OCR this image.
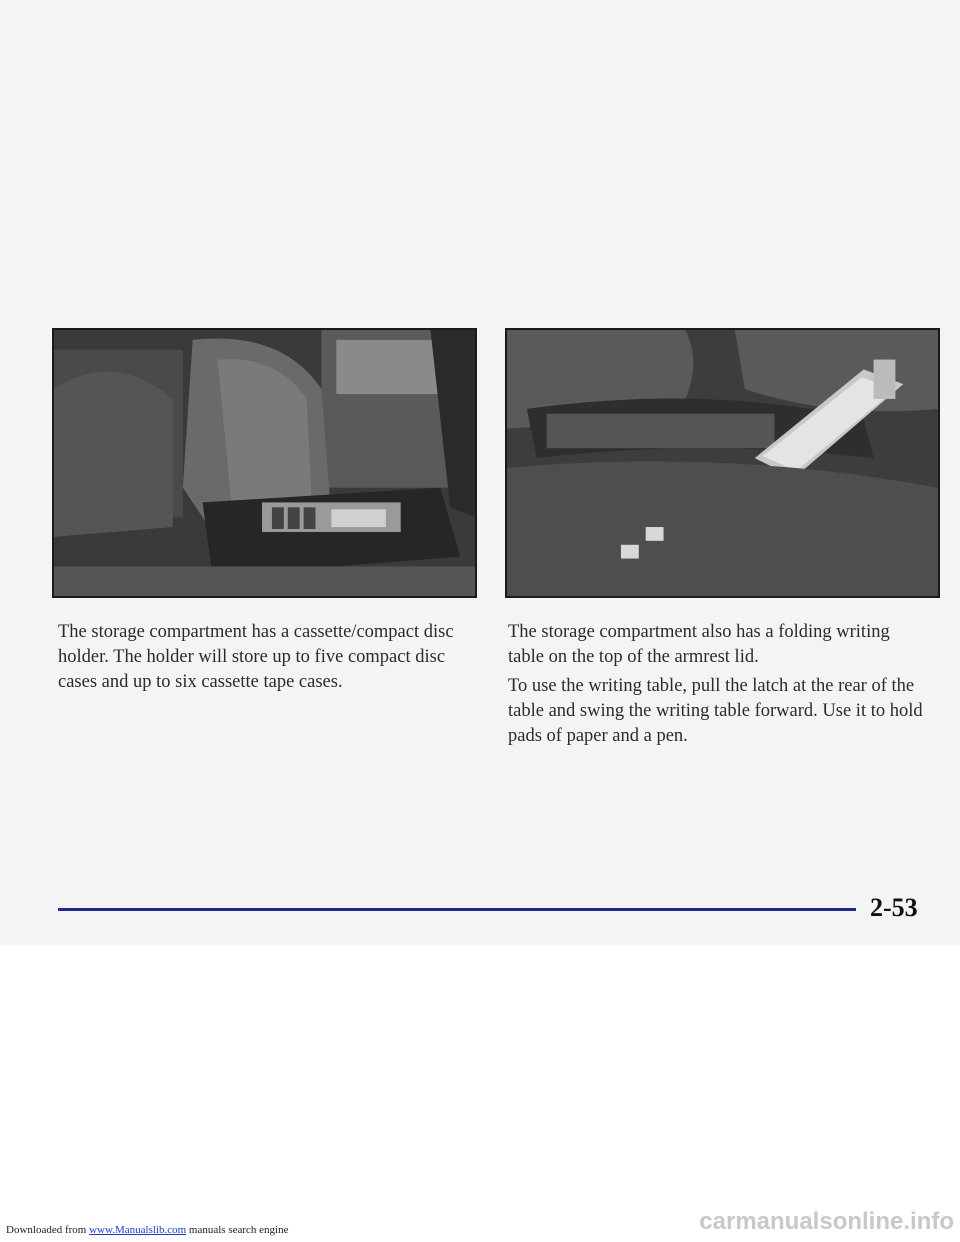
The storage compartment has a cassette/compact disc holder. The holder will store up to five compact disc cases and up to six cassette tape cases.

The storage compartment also has a folding writing table on the top of the armrest lid.

To use the writing table, pull the latch at the rear of the table and swing the writing table forward. Use it to hold pads of paper and a pen.

2-53
Downloaded from www.Manualslib.com manuals search engine	carmanualsonline.info
